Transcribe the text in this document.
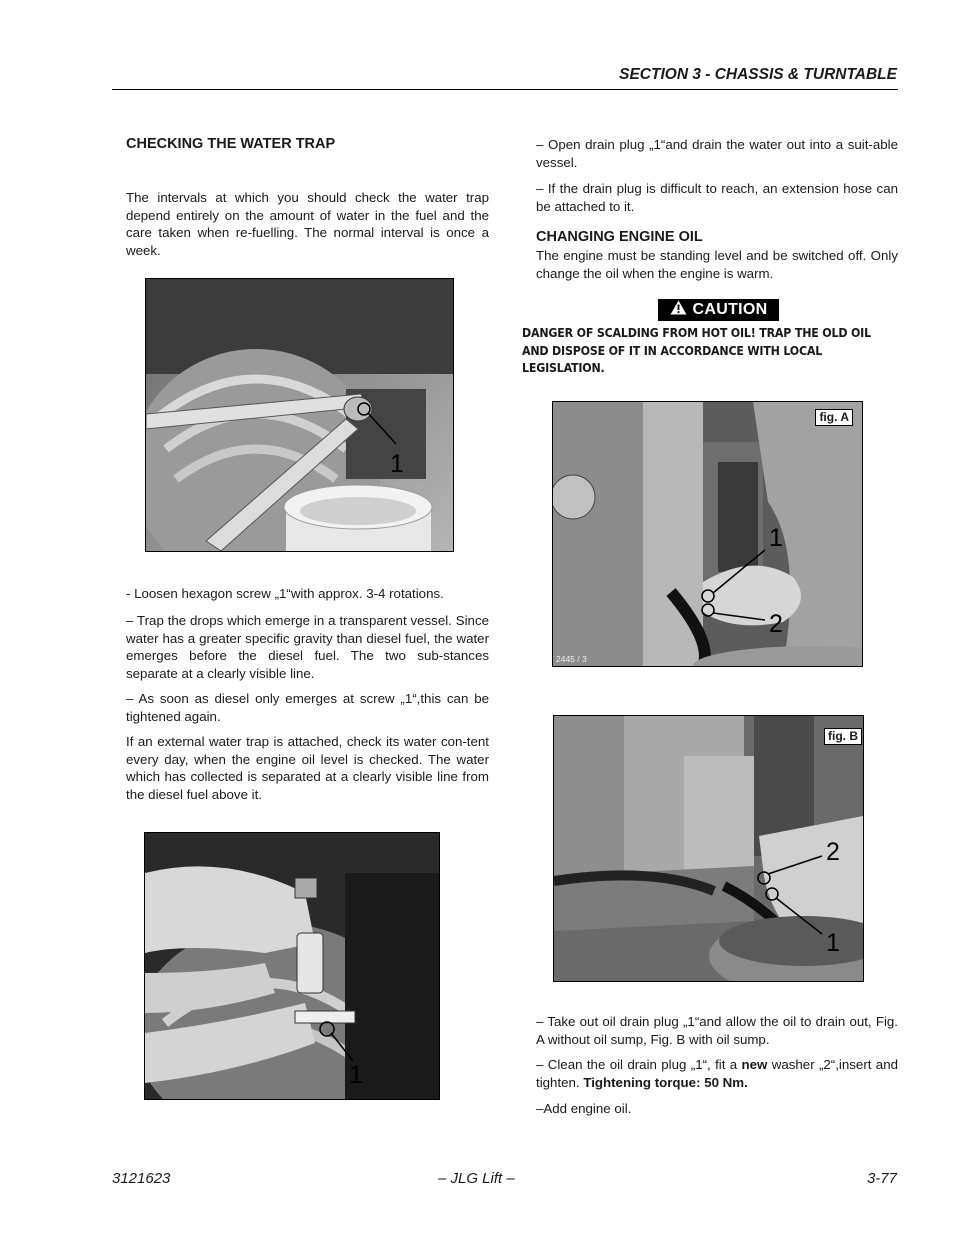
SECTION 3 - CHASSIS & TURNTABLE
CHECKING THE WATER TRAP
The intervals at which you should check the water trap depend entirely on the amount of water in the fuel and the care taken when re-fuelling. The normal interval is once a week.
1
- Loosen hexagon screw „1“with approx. 3-4 rotations.
– Trap the drops which emerge in a transparent vessel. Since water has a greater specific gravity than diesel fuel, the water emerges before the diesel fuel. The two sub-stances separate at a clearly visible line.
– As soon as diesel only emerges at screw „1“,this can be tightened again.
If an external water trap is attached, check its water con-tent every day, when the engine oil level is checked. The water which has collected is separated at a clearly visible line from the diesel fuel above it.
1
– Open drain plug „1“and drain the water out into a suit-able vessel.
– If the drain plug is difficult to reach, an extension hose can be attached to it.
CHANGING ENGINE OIL
The engine must be standing level and be switched off. Only change the oil when the engine is warm.
CAUTION
DANGER OF SCALDING FROM HOT OIL! TRAP THE OLD OIL AND DISPOSE OF IT IN ACCORDANCE WITH LOCAL LEGISLATION.
1
2
fig. A
2445 / 3
2
1
fig. B
– Take out oil drain plug „1“and allow the oil to drain out, Fig. A without oil sump, Fig. B with oil sump.
– Clean the oil drain plug „1“, fit a new washer „2“,insert and tighten. Tightening torque: 50 Nm.
–Add engine oil.
3121623	– JLG Lift –	3-77
